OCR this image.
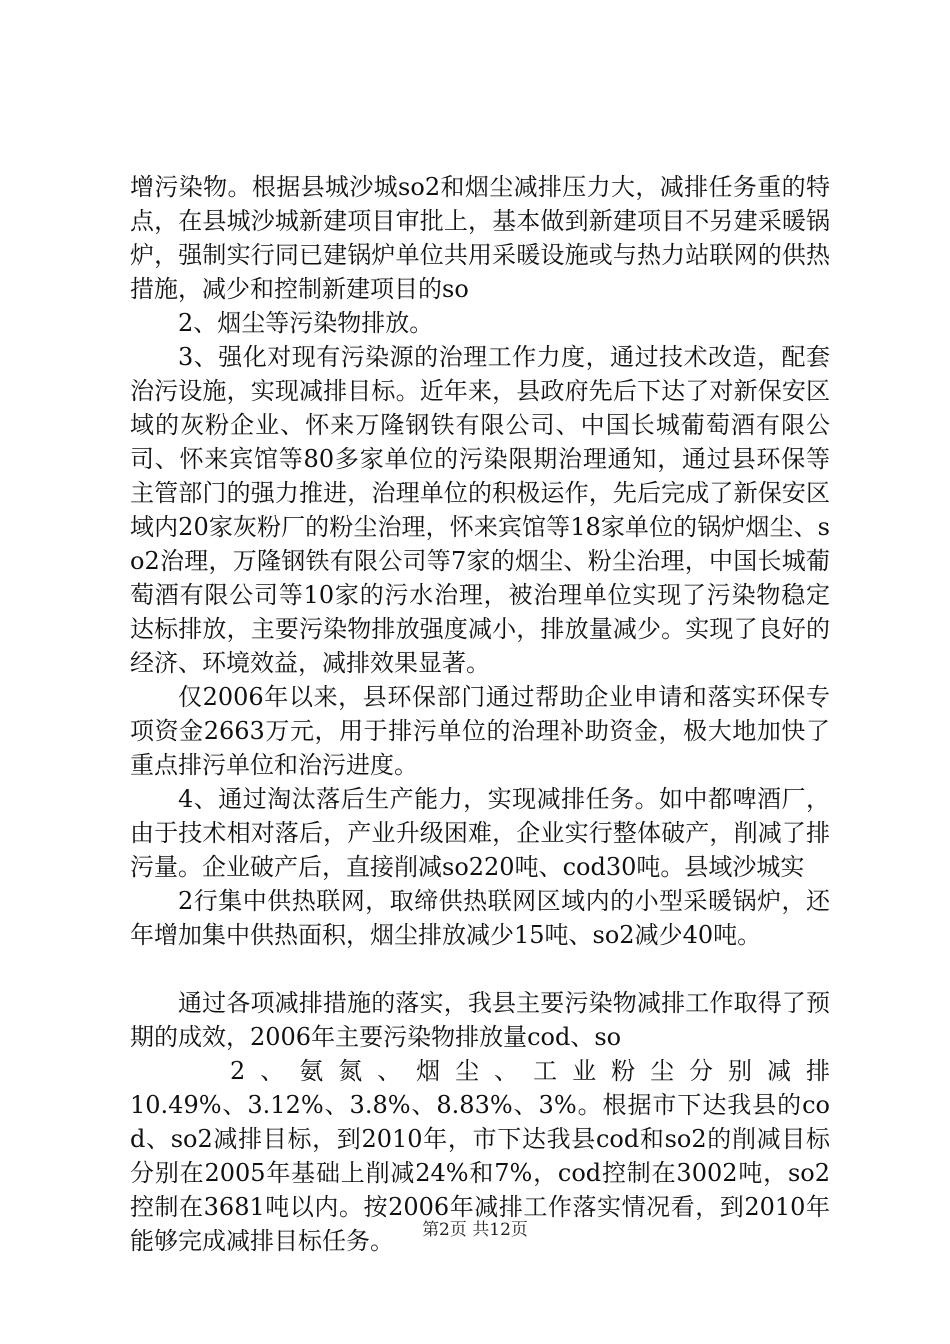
增污染物。根据县城沙城so2和烟尘减排压力大，减排任务重的特点，在县城沙城新建项目审批上，基本做到新建项目不另建采暖锅炉，强制实行同已建锅炉单位共用采暖设施或与热力站联网的供热措施，减少和控制新建项目的so

2、烟尘等污染物排放。

3、强化对现有污染源的治理工作力度，通过技术改造，配套治污设施，实现减排目标。近年来，县政府先后下达了对新保安区域的灰粉企业、怀来万隆钢铁有限公司、中国长城葡萄酒有限公司、怀来宾馆等80多家单位的污染限期治理通知，通过县环保等主管部门的强力推进，治理单位的积极运作，先后完成了新保安区域内20家灰粉厂的粉尘治理，怀来宾馆等18家单位的锅炉烟尘、so2治理，万隆钢铁有限公司等7家的烟尘、粉尘治理，中国长城葡萄酒有限公司等10家的污水治理，被治理单位实现了污染物稳定达标排放，主要污染物排放强度减小，排放量减少。实现了良好的经济、环境效益，减排效果显著。

仅2006年以来，县环保部门通过帮助企业申请和落实环保专项资金2663万元，用于排污单位的治理补助资金，极大地加快了重点排污单位和治污进度。

4、通过淘汰落后生产能力，实现减排任务。如中都啤酒厂，由于技术相对落后，产业升级困难，企业实行整体破产，削减了排污量。企业破产后，直接削减so220吨、cod30吨。县域沙城实

2行集中供热联网，取缔供热联网区域内的小型采暖锅炉，还年增加集中供热面积，烟尘排放减少15吨、so2减少40吨。

通过各项减排措施的落实，我县主要污染物减排工作取得了预期的成效，2006年主要污染物排放量cod、so

2、氨氮、烟尘、工业粉尘分别减排

10.49%、3.12%、3.8%、8.83%、3%。根据市下达我县的cod、so2减排目标，到2010年，市下达我县cod和so2的削减目标分别在2005年基础上削减24%和7%，cod控制在3002吨，so2控制在3681吨以内。按2006年减排工作落实情况看，到2010年能够完成减排目标任务。	第2页 共12页
